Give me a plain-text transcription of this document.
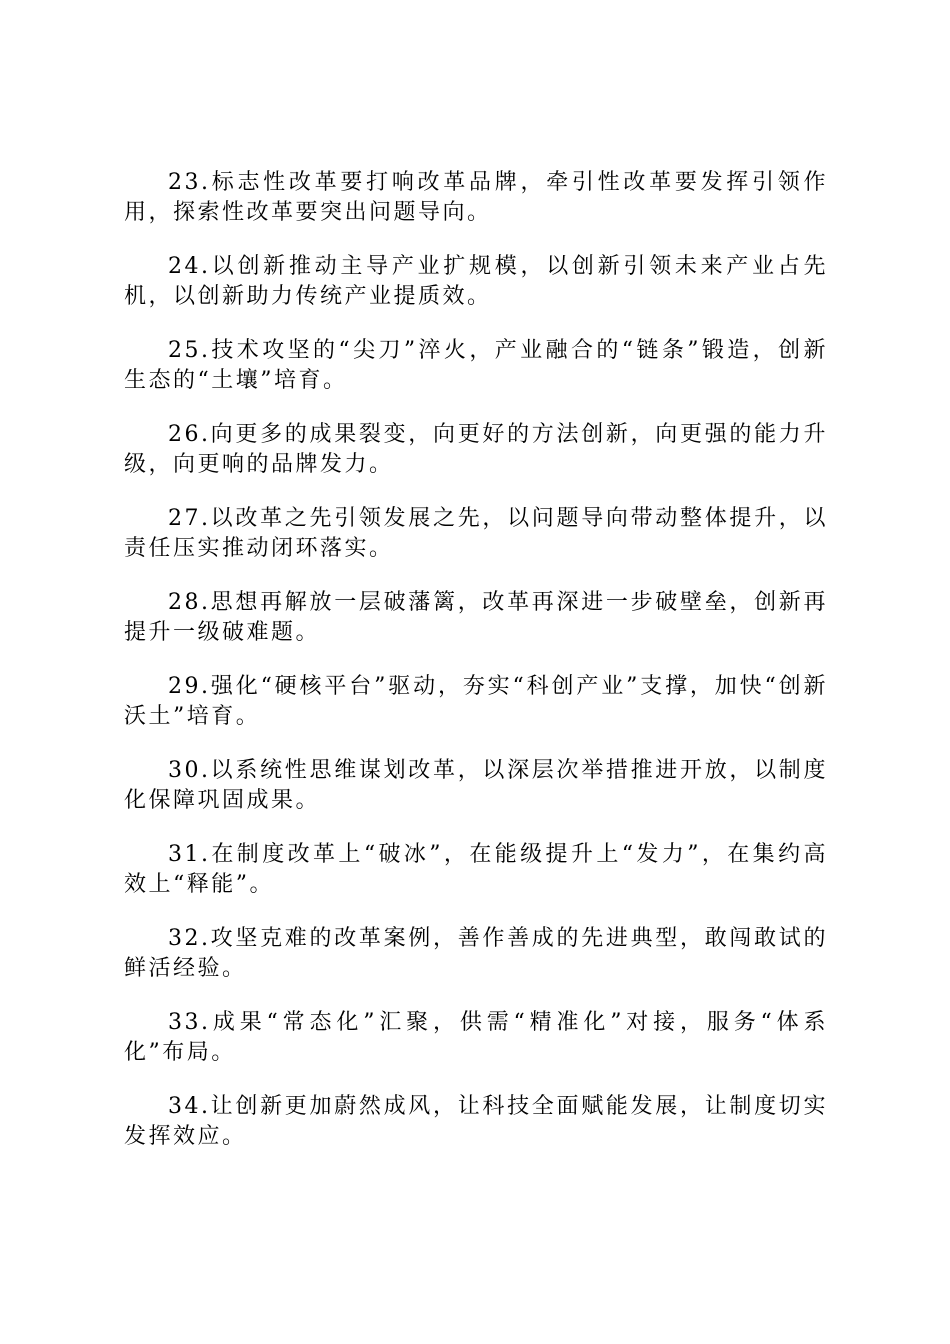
23.标志性改革要打响改革品牌，牵引性改革要发挥引领作用，探索性改革要突出问题导向。

24.以创新推动主导产业扩规模，以创新引领未来产业占先机，以创新助力传统产业提质效。

25.技术攻坚的“尖刀”淬火，产业融合的“链条”锻造，创新生态的“土壤”培育。

26.向更多的成果裂变，向更好的方法创新，向更强的能力升级，向更响的品牌发力。

27.以改革之先引领发展之先，以问题导向带动整体提升，以责任压实推动闭环落实。

28.思想再解放一层破藩篱，改革再深进一步破壁垒，创新再提升一级破难题。

29.强化“硬核平台”驱动，夯实“科创产业”支撑，加快“创新沃土”培育。

30.以系统性思维谋划改革，以深层次举措推进开放，以制度化保障巩固成果。

31.在制度改革上“破冰”，在能级提升上“发力”，在集约高效上“释能”。

32.攻坚克难的改革案例，善作善成的先进典型，敢闯敢试的鲜活经验。

33.成果“常态化”汇聚，供需“精准化”对接，服务“体系化”布局。

34.让创新更加蔚然成风，让科技全面赋能发展，让制度切实发挥效应。
